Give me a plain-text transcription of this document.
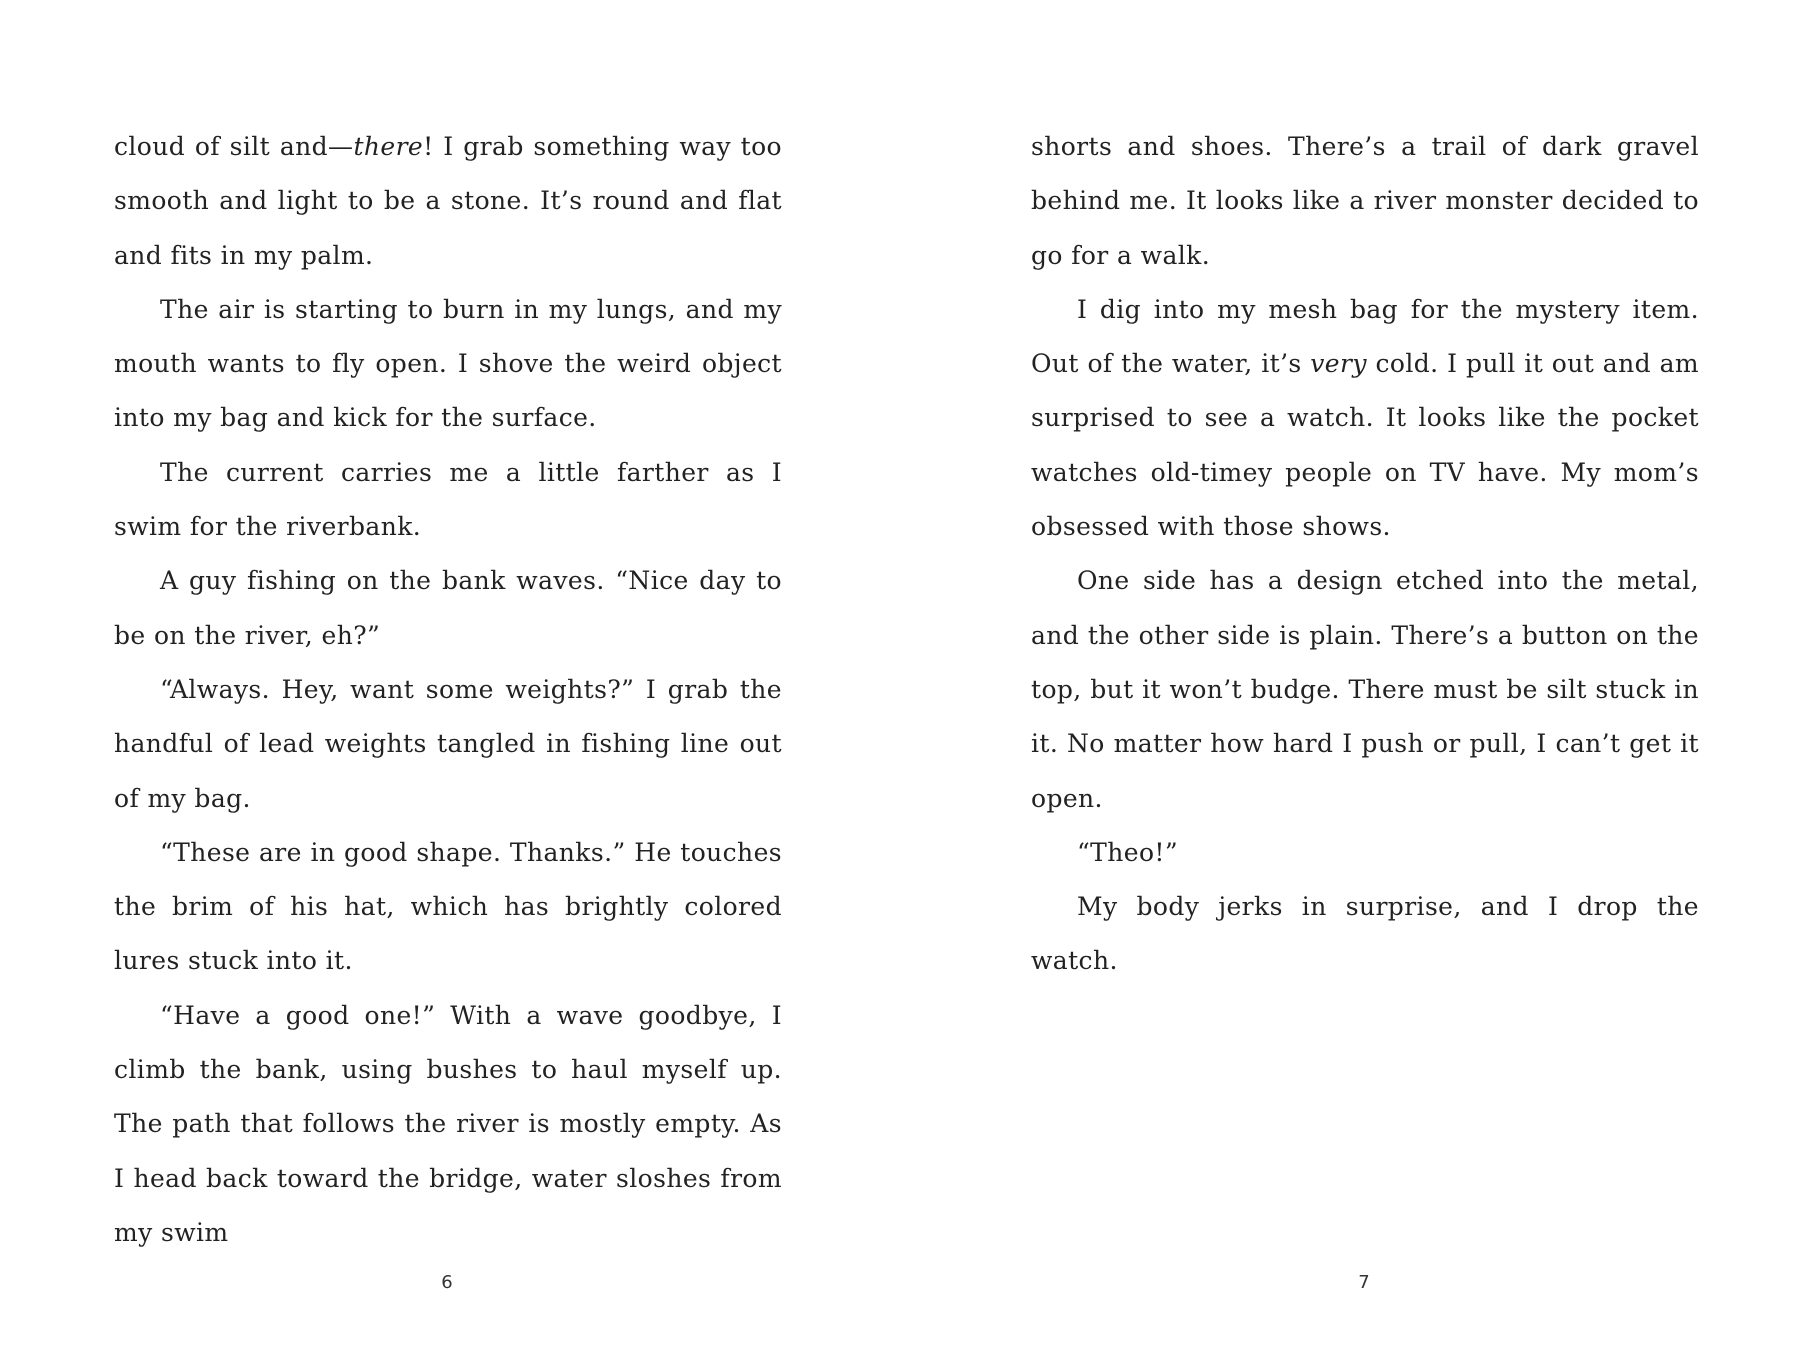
cloud of silt and—there! I grab something way too smooth and light to be a stone. It’s round and flat and fits in my palm.

The air is starting to burn in my lungs, and my mouth wants to fly open. I shove the weird object into my bag and kick for the surface.

The current carries me a little farther as I swim for the riverbank.

A guy fishing on the bank waves. “Nice day to be on the river, eh?”

“Always. Hey, want some weights?” I grab the handful of lead weights tangled in fishing line out of my bag.

“These are in good shape. Thanks.” He touches the brim of his hat, which has brightly colored lures stuck into it.

“Have a good one!” With a wave goodbye, I climb the bank, using bushes to haul myself up. The path that follows the river is mostly empty. As I head back toward the bridge, water sloshes from my swim

shorts and shoes. There’s a trail of dark gravel behind me. It looks like a river monster decided to go for a walk.

I dig into my mesh bag for the mystery item. Out of the water, it’s very cold. I pull it out and am surprised to see a watch. It looks like the pocket watches old-timey people on TV have. My mom’s obsessed with those shows.

One side has a design etched into the metal, and the other side is plain. There’s a button on the top, but it won’t budge. There must be silt stuck in it. No matter how hard I push or pull, I can’t get it open.

“Theo!”

My body jerks in surprise, and I drop the watch.

6	7
